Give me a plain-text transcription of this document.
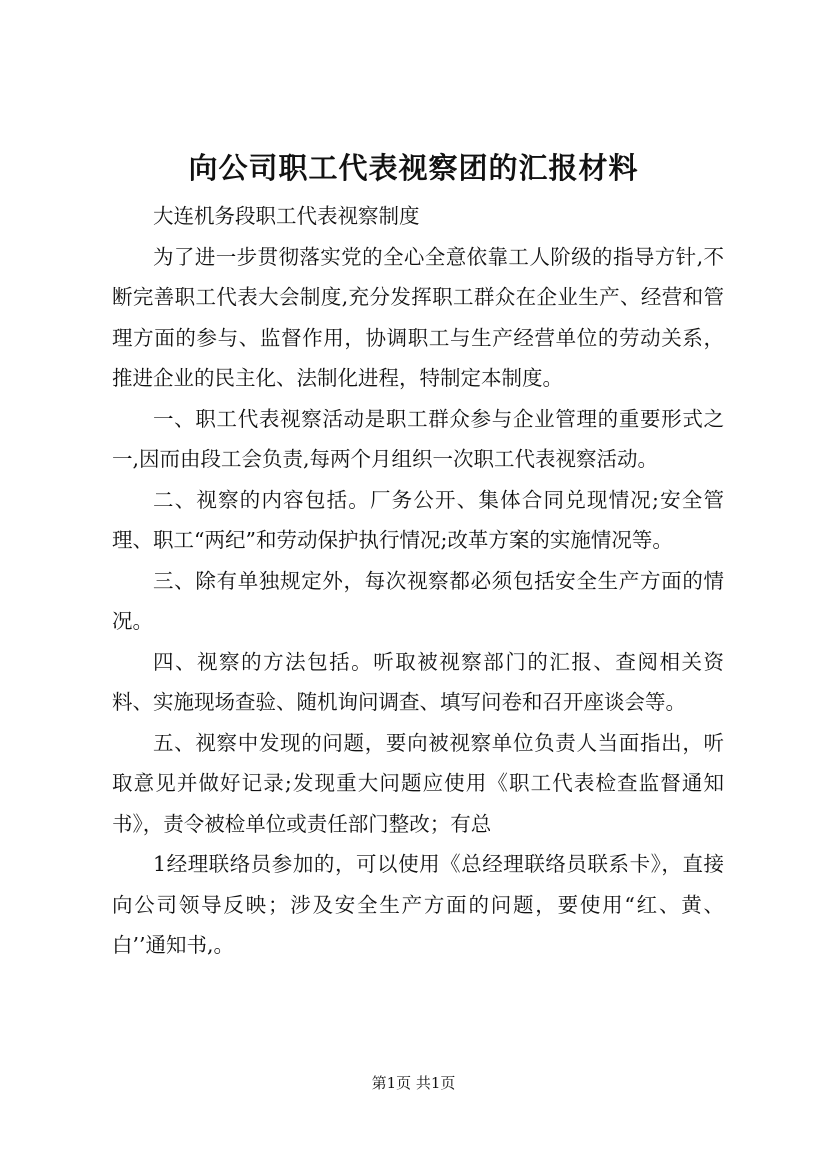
向公司职工代表视察团的汇报材料

大连机务段职工代表视察制度

为了进一步贯彻落实党的全心全意依靠工人阶级的指导方针,不断完善职工代表大会制度,充分发挥职工群众在企业生产、经营和管理方面的参与、监督作用，协调职工与生产经营单位的劳动关系，推进企业的民主化、法制化进程，特制定本制度。

一、职工代表视察活动是职工群众参与企业管理的重要形式之一,因而由段工会负责,每两个月组织一次职工代表视察活动。

二、视察的内容包括。厂务公开、集体合同兑现情况;安全管理、职工“两纪”和劳动保护执行情况;改革方案的实施情况等。

三、除有单独规定外，每次视察都必须包括安全生产方面的情况。

四、视察的方法包括。听取被视察部门的汇报、查阅相关资料、实施现场查验、随机询问调查、填写问卷和召开座谈会等。

五、视察中发现的问题，要向被视察单位负责人当面指出，听取意见并做好记录;发现重大问题应使用《职工代表检查监督通知书》，责令被检单位或责任部门整改；有总

1经理联络员参加的，可以使用《总经理联络员联系卡》，直接向公司领导反映；涉及安全生产方面的问题，要使用“红、黄、白’’通知书,。

第1页 共1页
